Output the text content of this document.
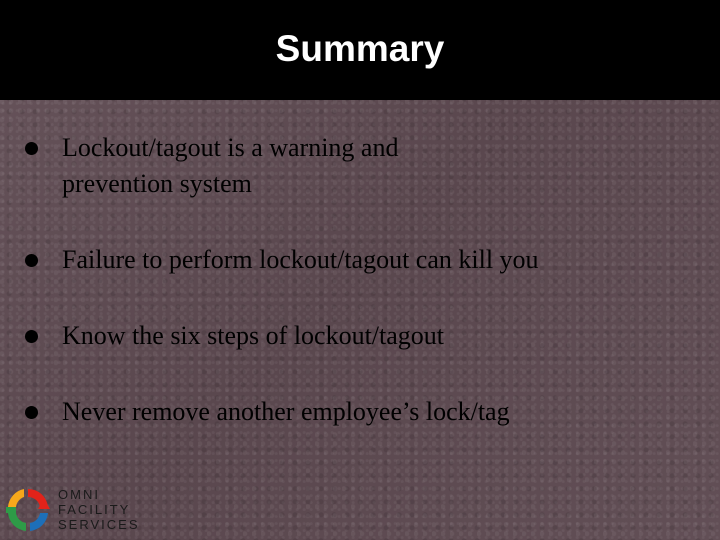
Summary
Lockout/tagout is a warning and prevention system
Failure to perform lockout/tagout can kill you
Know the six steps of lockout/tagout
Never remove another employee’s lock/tag
OMNI
FACILITY
SERVICES
